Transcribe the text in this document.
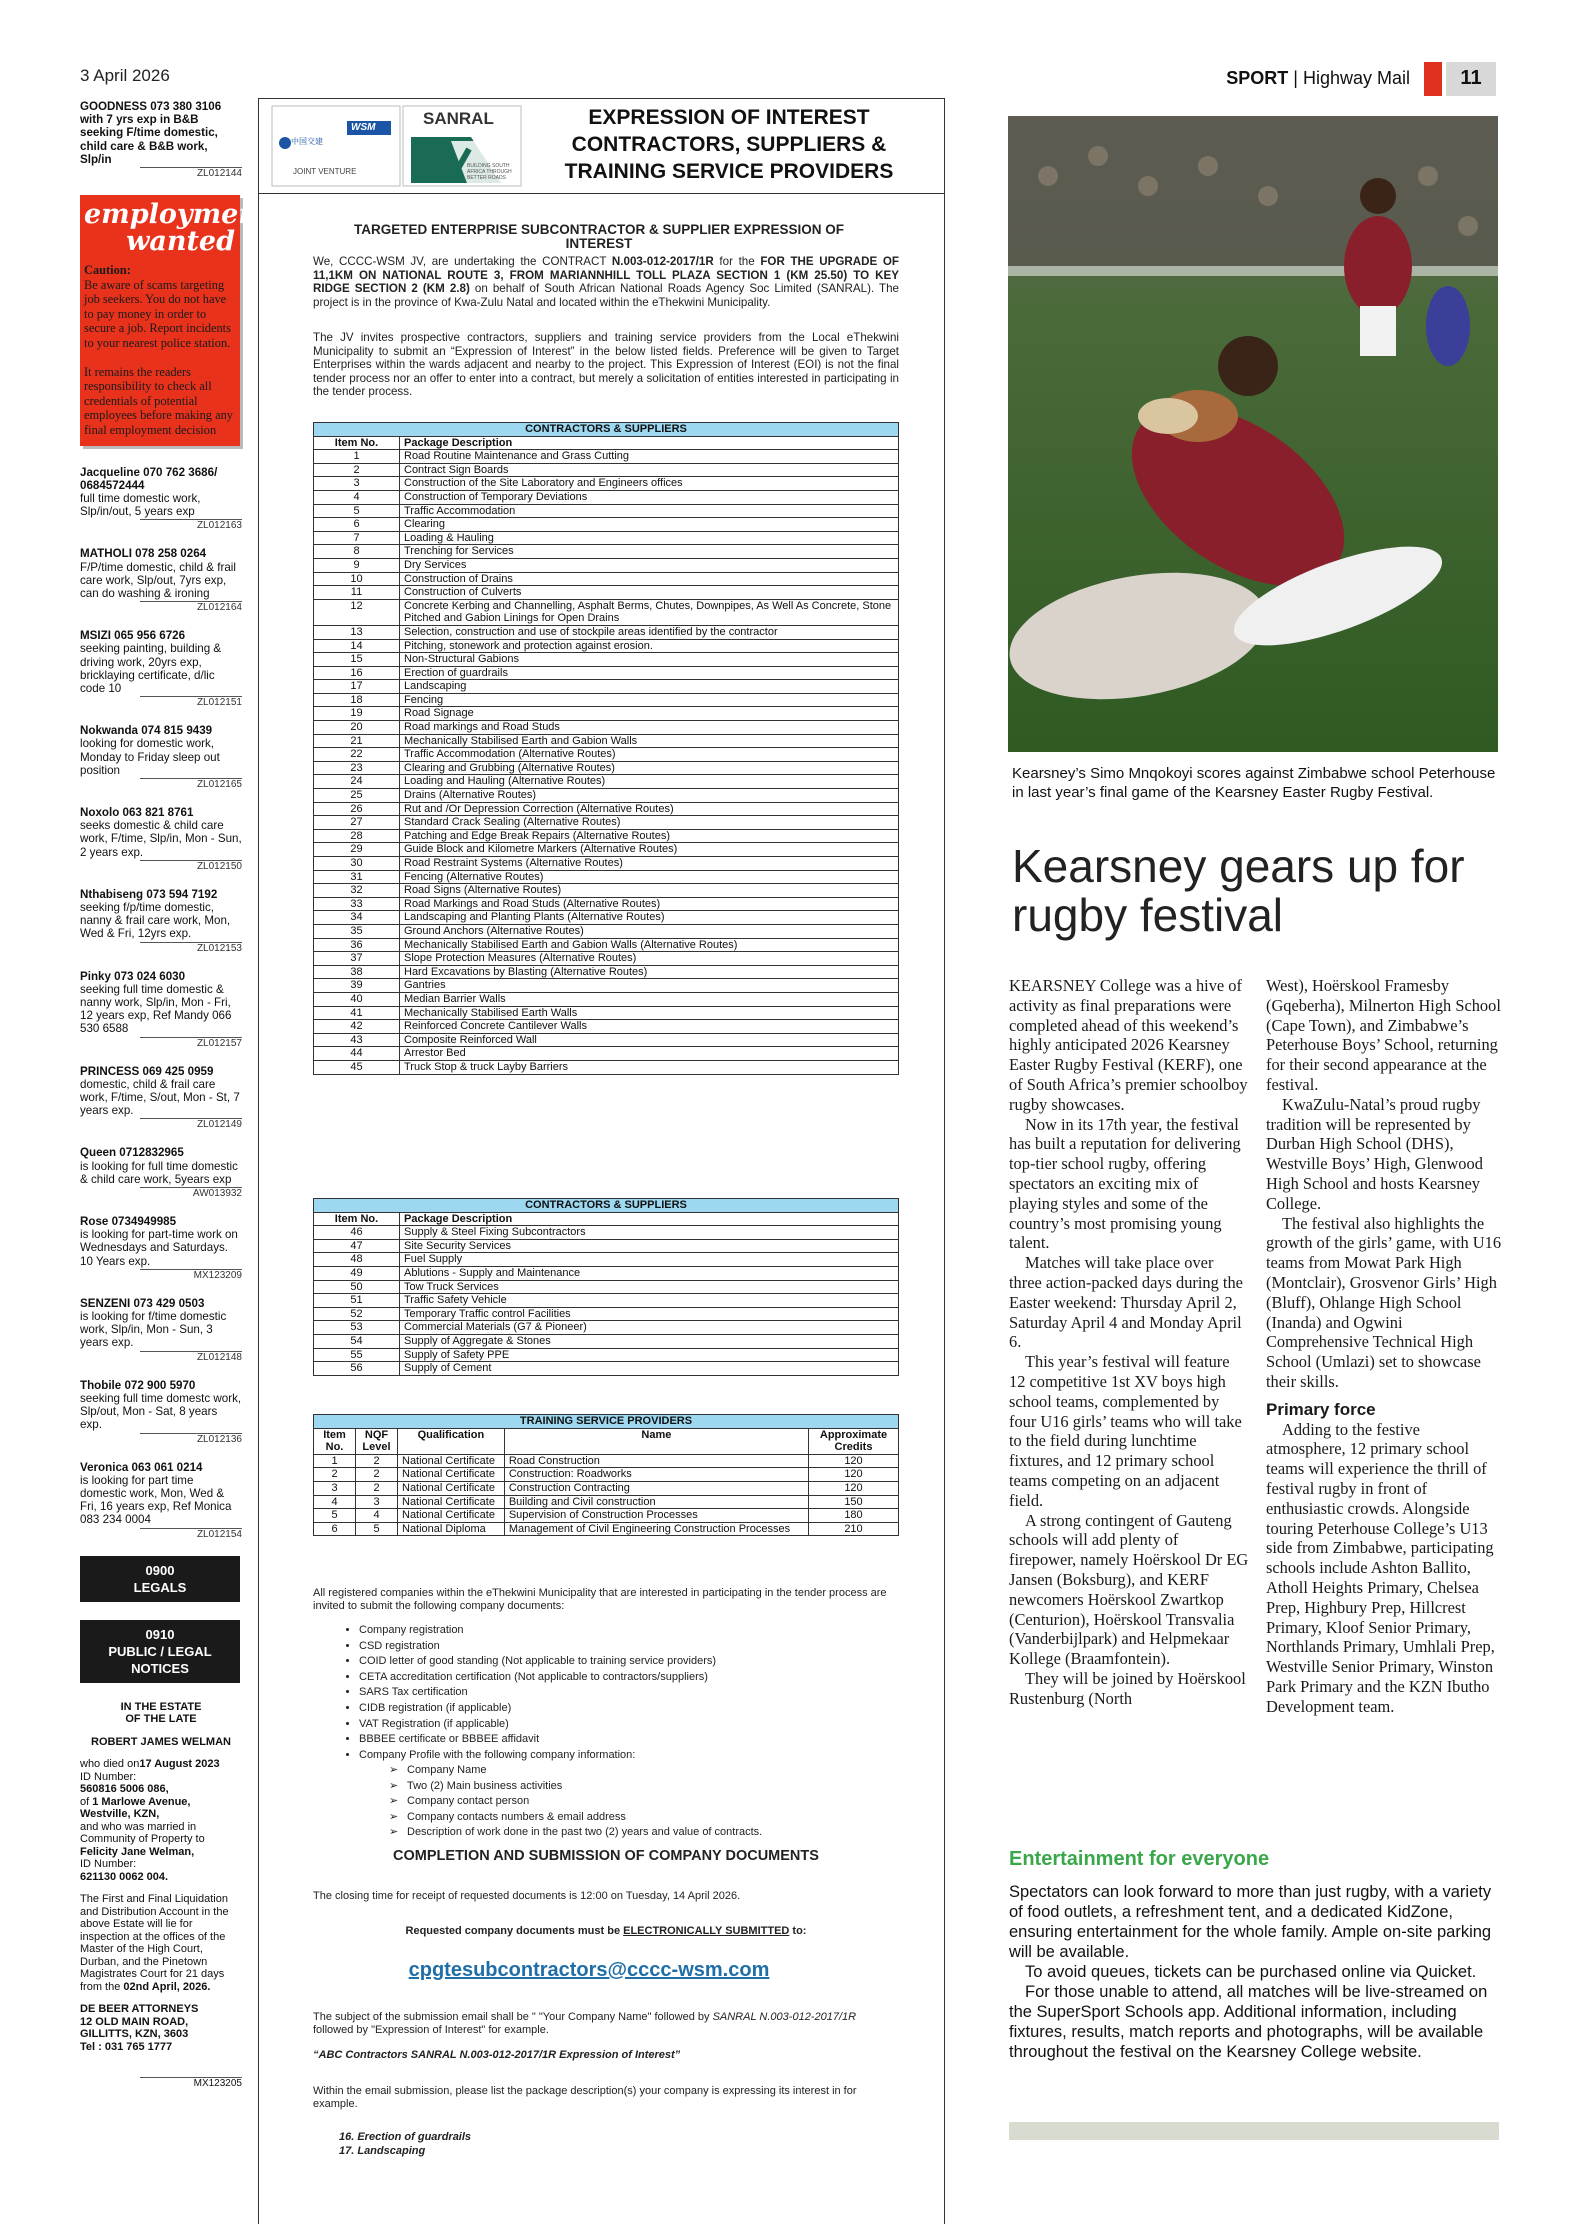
3 April 2026	SPORT | Highway Mail	11
GOODNESS 073 380 3106
with 7 yrs exp in B&B seeking F/time domestic, child care & B&B work, Slp/in
ZL012144
employment
wanted
Caution:
Be aware of scams targeting job seekers. You do not have to pay money in order to secure a job. Report incidents to your nearest police station.
It remains the readers responsibility to check all credentials of potential employees before making any final employment decision
Jacqueline 070 762 3686/ 0684572444
full time domestic work, Slp/in/out, 5 years exp
ZL012163
MATHOLI 078 258 0264
F/P/time domestic, child & frail care work, Slp/out, 7yrs exp, can do washing & ironing
ZL012164
MSIZI 065 956 6726
seeking painting, building & driving work, 20yrs exp, bricklaying certificate, d/lic code 10
ZL012151
Nokwanda 074 815 9439
looking for domestic work, Monday to Friday sleep out position
ZL012165
Noxolo 063 821 8761
seeks domestic & child care work, F/time, Slp/in, Mon - Sun, 2 years exp.
ZL012150
Nthabiseng 073 594 7192
seeking f/p/time domestic, nanny & frail care work, Mon, Wed & Fri, 12yrs exp.
ZL012153
Pinky 073 024 6030
seeking full time domestic & nanny work, Slp/in, Mon - Fri, 12 years exp, Ref Mandy 066 530 6588
ZL012157
PRINCESS 069 425 0959
domestic, child & frail care work, F/time, S/out, Mon - St, 7 years exp.
ZL012149
Queen 0712832965
is looking for full time domestic & child care work, 5years exp
AW013932
Rose 0734949985
is looking for part-time work on Wednesdays and Saturdays. 10 Years exp.
MX123209
SENZENI 073 429 0503
is looking for f/time domestic work, Slp/in, Mon - Sun, 3 years exp.
ZL012148
Thobile 072 900 5970
seeking full time domestc work, Slp/out, Mon - Sat, 8 years exp.
ZL012136
Veronica 063 061 0214
is looking for part time domestic work, Mon, Wed & Fri, 16 years exp, Ref Monica 083 234 0004
ZL012154
0900
LEGALS
0910
PUBLIC / LEGAL NOTICES
IN THE ESTATE
OF THE LATE
ROBERT JAMES WELMAN
who died on17 August 2023
ID Number:
560816 5006 086,
of 1 Marlowe Avenue, Westville, KZN,
and who was married in Community of Property to
Felicity Jane Welman,
ID Number:
621130 0062 004.
The First and Final Liquidation and Distribution Account in the above Estate will lie for inspection at the offices of the Master of the High Court, Durban, and the Pinetown Magistrates Court for 21 days from the 02nd April, 2026.
DE BEER ATTORNEYS
12 OLD MAIN ROAD, GILLITTS, KZN, 3603
Tel : 031 765 1777
MX123205
中国交建
WSM
JOINT VENTURE
SANRAL
BUILDING SOUTH AFRICA THROUGH BETTER ROADS
EXPRESSION OF INTEREST CONTRACTORS, SUPPLIERS & TRAINING SERVICE PROVIDERS
TARGETED ENTERPRISE SUBCONTRACTOR & SUPPLIER EXPRESSION OF INTEREST
We, CCCC-WSM JV, are undertaking the CONTRACT N.003-012-2017/1R for the FOR THE UPGRADE OF 11,1KM ON NATIONAL ROUTE 3, FROM MARIANNHILL TOLL PLAZA SECTION 1 (KM 25.50) TO KEY RIDGE SECTION 2 (KM 2.8) on behalf of South African National Roads Agency Soc Limited (SANRAL). The project is in the province of Kwa-Zulu Natal and located within the eThekwini Municipality.
The JV invites prospective contractors, suppliers and training service providers from the Local eThekwini Municipality to submit an “Expression of Interest” in the below listed fields. Preference will be given to Target Enterprises within the wards adjacent and nearby to the project. This Expression of Interest (EOI) is not the final tender process nor an offer to enter into a contract, but merely a solicitation of entities interested in participating in the tender process.
CONTRACTORS & SUPPLIERS	
Item No.	Package Description
1	Road Routine Maintenance and Grass Cutting
2	Contract Sign Boards
3	Construction of the Site Laboratory and Engineers offices
4	Construction of Temporary Deviations
5	Traffic Accommodation
6	Clearing
7	Loading & Hauling
8	Trenching for Services
9	Dry Services
10	Construction of Drains
11	Construction of Culverts
12	Concrete Kerbing and Channelling, Asphalt Berms, Chutes, Downpipes, As Well As Concrete, Stone Pitched and Gabion Linings for Open Drains
13	Selection, construction and use of stockpile areas identified by the contractor
14	Pitching, stonework and protection against erosion.
15	Non-Structural Gabions
16	Erection of guardrails
17	Landscaping
18	Fencing
19	Road Signage
20	Road markings and Road Studs
21	Mechanically Stabilised Earth and Gabion Walls
22	Traffic Accommodation (Alternative Routes)
23	Clearing and Grubbing (Alternative Routes)
24	Loading and Hauling (Alternative Routes)
25	Drains (Alternative Routes)
26	Rut and /Or Depression Correction (Alternative Routes)
27	Standard Crack Sealing (Alternative Routes)
28	Patching and Edge Break Repairs (Alternative Routes)
29	Guide Block and Kilometre Markers (Alternative Routes)
30	Road Restraint Systems (Alternative Routes)
31	Fencing (Alternative Routes)
32	Road Signs (Alternative Routes)
33	Road Markings and Road Studs (Alternative Routes)
34	Landscaping and Planting Plants (Alternative Routes)
35	Ground Anchors (Alternative Routes)
36	Mechanically Stabilised Earth and Gabion Walls (Alternative Routes)
37	Slope Protection Measures (Alternative Routes)
38	Hard Excavations by Blasting (Alternative Routes)
39	Gantries
40	Median Barrier Walls
41	Mechanically Stabilised Earth Walls
42	Reinforced Concrete Cantilever Walls
43	Composite Reinforced Wall
44	Arrestor Bed
45	Truck Stop & truck Layby Barriers
CONTRACTORS & SUPPLIERS	
Item No.	Package Description
46	Supply & Steel Fixing Subcontractors
47	Site Security Services
48	Fuel Supply
49	Ablutions - Supply and Maintenance
50	Tow Truck Services
51	Traffic Safety Vehicle
52	Temporary Traffic control Facilities
53	Commercial Materials (G7 & Pioneer)
54	Supply of Aggregate & Stones
55	Supply of Safety PPE
56	Supply of Cement
TRAINING SERVICE PROVIDERS				
Item No.	NQF Level	Qualification	Name	Approximate Credits
1	2	National Certificate	Road Construction	120
2	2	National Certificate	Construction: Roadworks	120
3	2	National Certificate	Construction Contracting	120
4	3	National Certificate	Building and Civil construction	150
5	4	National Certificate	Supervision of Construction Processes	180
6	5	National Diploma	Management of Civil Engineering Construction Processes	210
All registered companies within the eThekwini Municipality that are interested in participating in the tender process are invited to submit the following company documents:
• Company registration
• CSD registration
• COID letter of good standing (Not applicable to training service providers)
• CETA accreditation certification (Not applicable to contractors/suppliers)
• SARS Tax certification
• CIDB registration (if applicable)
• VAT Registration (if applicable)
• BBBEE certificate or BBBEE affidavit
• Company Profile with the following company information:
➢ Company Name
➢ Two (2) Main business activities
➢ Company contact person
➢ Company contacts numbers & email address
➢ Description of work done in the past two (2) years and value of contracts.
COMPLETION AND SUBMISSION OF COMPANY DOCUMENTS
The closing time for receipt of requested documents is 12:00 on Tuesday, 14 April 2026.
Requested company documents must be ELECTRONICALLY SUBMITTED to:
cpgtesubcontractors@cccc-wsm.com
The subject of the submission email shall be " "Your Company Name" followed by SANRAL N.003-012-2017/1R followed by "Expression of Interest" for example.
“ABC Contractors SANRAL N.003-012-2017/1R Expression of Interest”
Within the email submission, please list the package description(s) your company is expressing its interest in for example.
16. Erection of guardrails
17. Landscaping
Kearsney’s Simo Mnqokoyi scores against Zimbabwe school Peterhouse in last year’s final game of the Kearsney Easter Rugby Festival.
Kearsney gears up for rugby festival

KEARSNEY College was a hive of activity as final preparations were completed ahead of this weekend’s highly anticipated 2026 Kearsney Easter Rugby Festival (KERF), one of South Africa’s premier schoolboy rugby showcases.

Now in its 17th year, the festival has built a reputation for delivering top-tier school rugby, offering spectators an exciting mix of playing styles and some of the country’s most promising young talent.

Matches will take place over three action-packed days during the Easter weekend: Thursday April 2, Saturday April 4 and Monday April 6.

This year’s festival will feature 12 competitive 1st XV boys high school teams, complemented by four U16 girls’ teams who will take to the field during lunchtime fixtures, and 12 primary school teams competing on an adjacent field.

A strong contingent of Gauteng schools will add plenty of firepower, namely Hoërskool Dr EG Jansen (Boksburg), and KERF newcomers Hoërskool Zwartkop (Centurion), Hoërskool Transvalia (Vanderbijlpark) and Helpmekaar Kollege (Braamfontein).

They will be joined by Hoërskool Rustenburg (North

West), Hoërskool Framesby (Gqeberha), Milnerton High School (Cape Town), and Zimbabwe’s Peterhouse Boys’ School, returning for their second appearance at the festival.

KwaZulu-Natal’s proud rugby tradition will be represented by Durban High School (DHS), Westville Boys’ High, Glenwood High School and hosts Kearsney College.

The festival also highlights the growth of the girls’ game, with U16 teams from Mowat Park High (Montclair), Grosvenor Girls’ High (Bluff), Ohlange High School (Inanda) and Ogwini Comprehensive Technical High School (Umlazi) set to showcase their skills.

Primary force

Adding to the festive atmosphere, 12 primary school teams will experience the thrill of festival rugby in front of enthusiastic crowds. Alongside touring Peterhouse College’s U13 side from Zimbabwe, participating schools include Ashton Ballito, Atholl Heights Primary, Chelsea Prep, Highbury Prep, Hillcrest Primary, Kloof Senior Primary, Northlands Primary, Umhlali Prep, Westville Senior Primary, Winston Park Primary and the KZN Ibutho Development team.

Entertainment for everyone

Spectators can look forward to more than just rugby, with a variety of food outlets, a refreshment tent, and a dedicated KidZone, ensuring entertainment for the whole family. Ample on-site parking will be available.

To avoid queues, tickets can be purchased online via Quicket.

For those unable to attend, all matches will be live-streamed on the SuperSport Schools app. Additional information, including fixtures, results, match reports and photographs, will be available throughout the festival on the Kearsney College website.
